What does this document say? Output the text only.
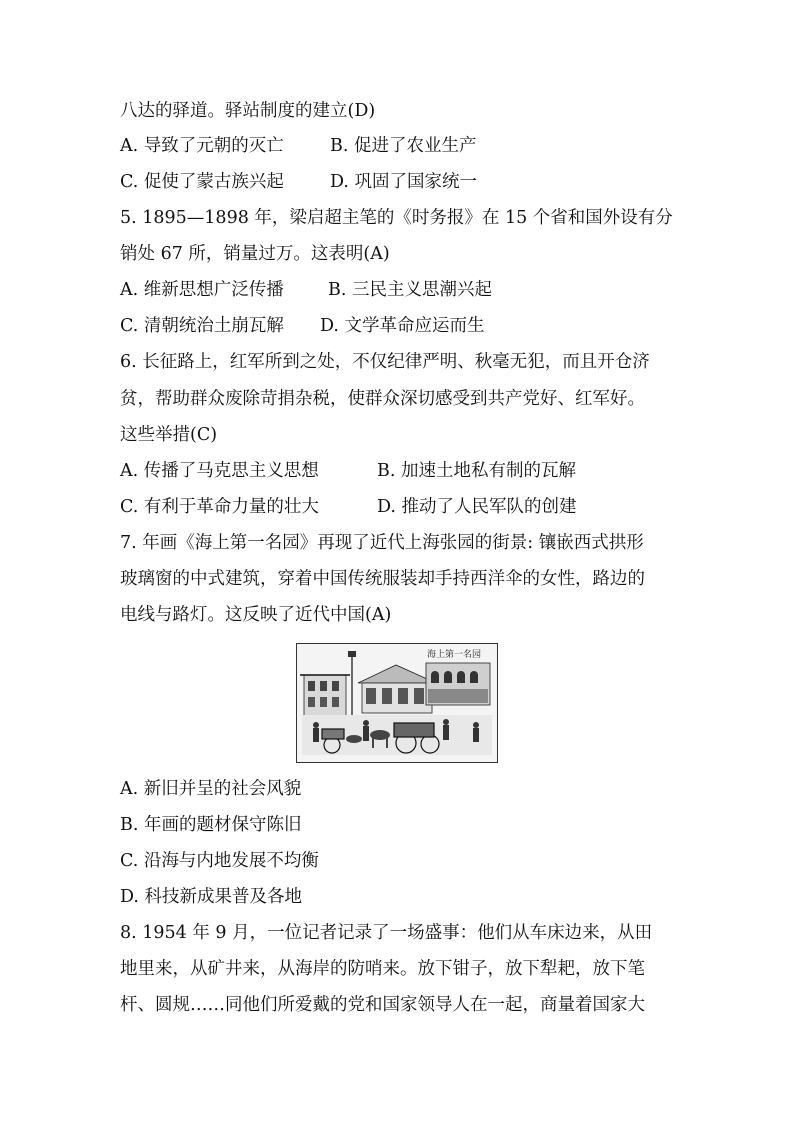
八达的驿道。驿站制度的建立(D)
A. 导致了元朝的灭亡	B. 促进了农业生产
C. 促使了蒙古族兴起	D. 巩固了国家统一
5. 1895—1898 年，梁启超主笔的《时务报》在 15 个省和国外设有分
销处 67 所，销量过万。这表明(A)
A. 维新思想广泛传播	B. 三民主义思潮兴起
C. 清朝统治土崩瓦解 D. 文学革命应运而生
6. 长征路上，红军所到之处，不仅纪律严明、秋毫无犯，而且开仓济
贫，帮助群众废除苛捐杂税，使群众深切感受到共产党好、红军好。
这些举措(C)
A. 传播了马克思主义思想	B. 加速土地私有制的瓦解
C. 有利于革命力量的壮大	D. 推动了人民军队的创建
7. 年画《海上第一名园》再现了近代上海张园的街景: 镶嵌西式拱形
玻璃窗的中式建筑，穿着中国传统服装却手持西洋伞的女性，路边的
电线与路灯。这反映了近代中国(A)
海上第一名园
A. 新旧并呈的社会风貌
B. 年画的题材保守陈旧
C. 沿海与内地发展不均衡
D. 科技新成果普及各地
8. 1954 年 9 月，一位记者记录了一场盛事：他们从车床边来，从田
地里来，从矿井来，从海岸的防哨来。放下钳子，放下犁耙，放下笔
杆、圆规……同他们所爱戴的党和国家领导人在一起，商量着国家大
